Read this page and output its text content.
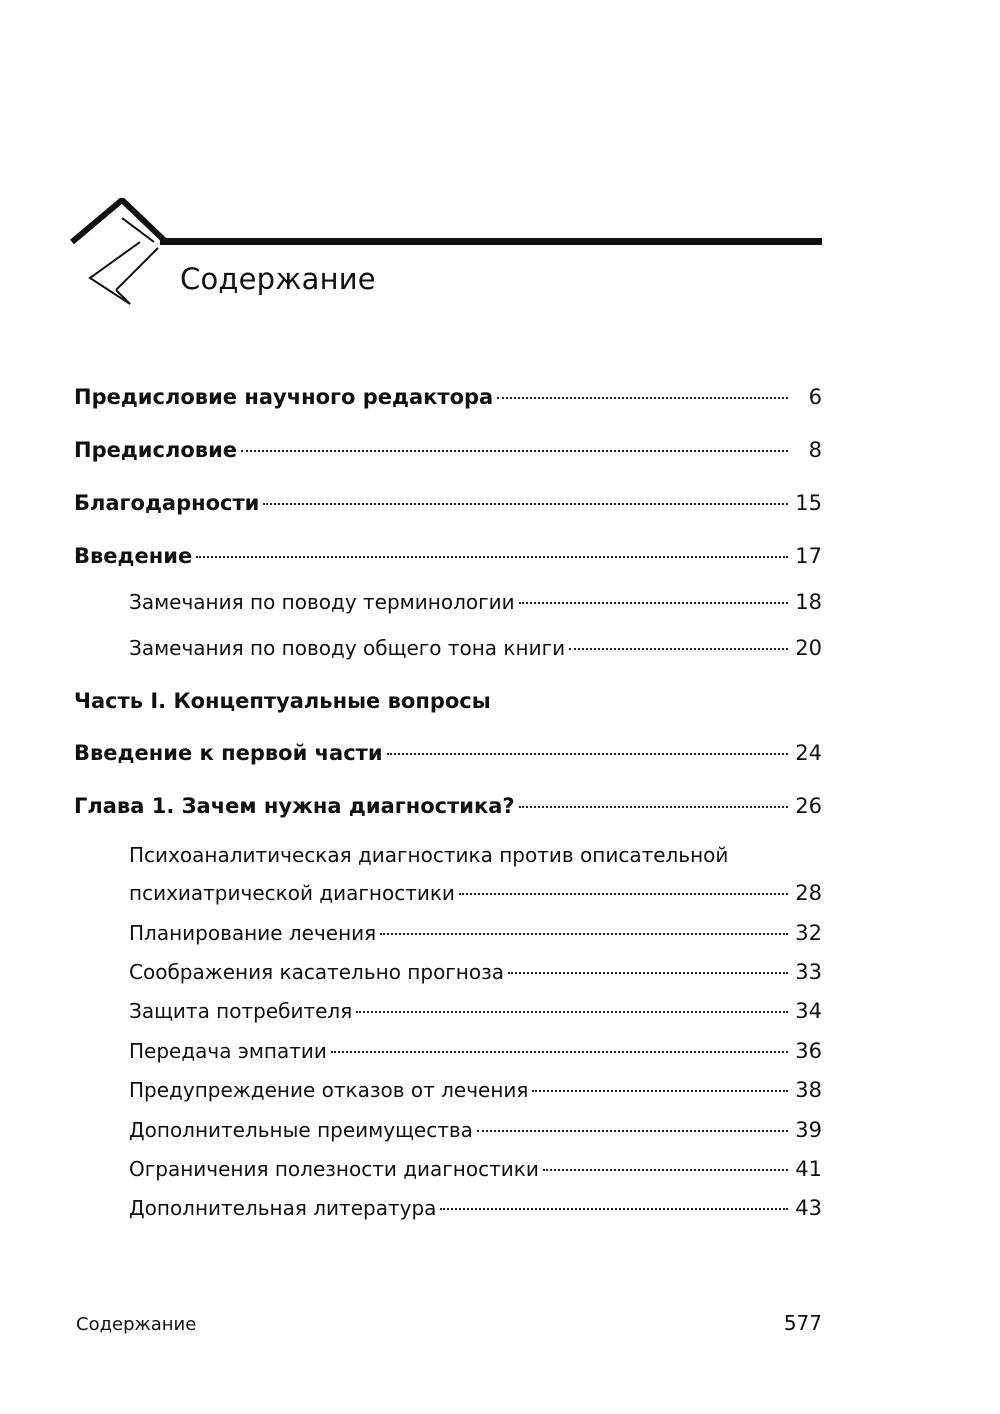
Содержание
Предисловие научного редактора	6
Предисловие	8
Благодарности	15
Введение	17
Замечания по поводу терминологии	18
Замечания по поводу общего тона книги	20
Часть I. Концептуальные вопросы
Введение к первой части	24
Глава 1. Зачем нужна диагностика?	26
Психоаналитическая диагностика против описательной
психиатрической диагностики	28
Планирование лечения	32
Соображения касательно прогноза	33
Защита потребителя	34
Передача эмпатии	36
Предупреждение отказов от лечения	38
Дополнительные преимущества	39
Ограничения полезности диагностики	41
Дополнительная литература	43
Содержание	577
